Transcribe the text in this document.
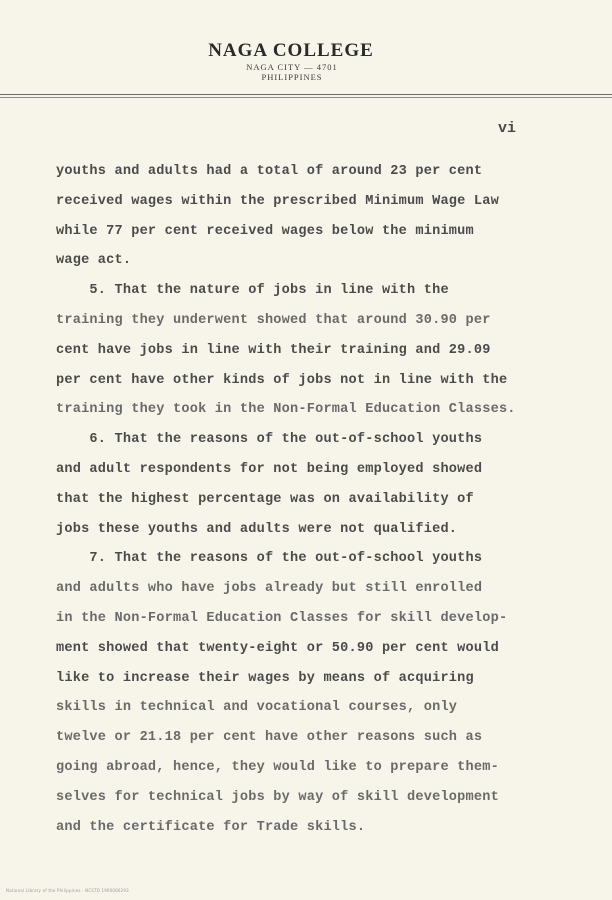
NAGA COLLEGE
NAGA CITY — 4701
PHILIPPINES
vi
youths and adults had a total of around 23 per cent
received wages within the prescribed Minimum Wage Law
while 77 per cent received wages below the minimum
wage act.
5. That the nature of jobs in line with the
training they underwent showed that around 30.90 per
cent have jobs in line with their training and 29.09
per cent have other kinds of jobs not in line with the
training they took in the Non-Formal Education Classes.
6. That the reasons of the out-of-school youths
and adult respondents for not being employed showed
that the highest percentage was on availability of
jobs these youths and adults were not qualified.
7. That the reasons of the out-of-school youths
and adults who have jobs already but still enrolled
in the Non-Formal Education Classes for skill develop-
ment showed that twenty-eight or 50.90 per cent would
like to increase their wages by means of acquiring
skills in technical and vocational courses, only
twelve or 21.18 per cent have other reasons such as
going abroad, hence, they would like to prepare them-
selves for technical jobs by way of skill development
and the certificate for Trade skills.
National Library of the Philippines · NCSTD 1900000293
